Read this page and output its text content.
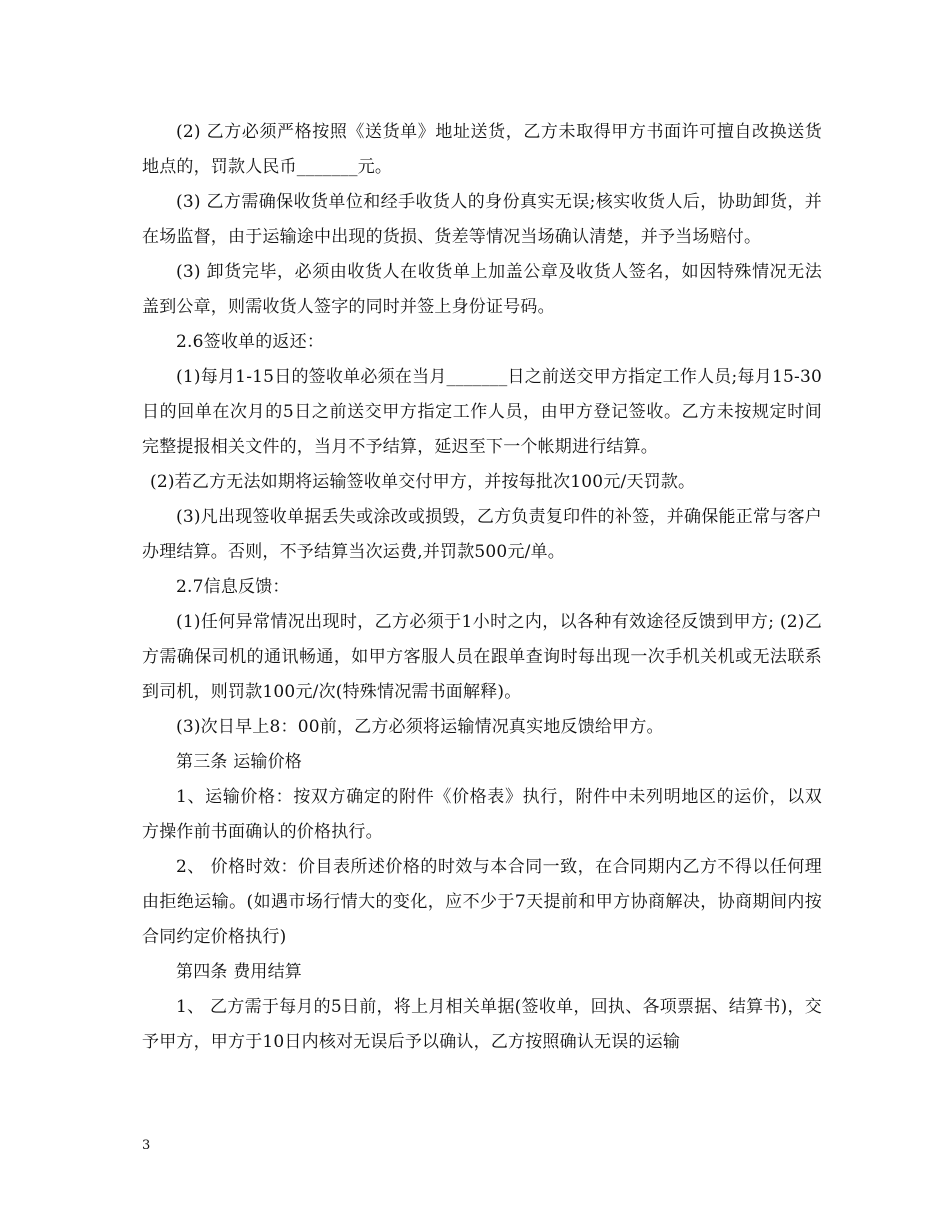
(2) 乙方必须严格按照《送货单》地址送货，乙方未取得甲方书面许可擅自改换送货地点的，罚款人民币_______元。

(3) 乙方需确保收货单位和经手收货人的身份真实无误;核实收货人后，协助卸货，并在场监督，由于运输途中出现的货损、货差等情况当场确认清楚，并予当场赔付。

(3) 卸货完毕，必须由收货人在收货单上加盖公章及收货人签名，如因特殊情况无法盖到公章，则需收货人签字的同时并签上身份证号码。

2.6签收单的返还：

(1)每月1-15日的签收单必须在当月_______日之前送交甲方指定工作人员;每月15-30日的回单在次月的5日之前送交甲方指定工作人员，由甲方登记签收。乙方未按规定时间完整提报相关文件的，当月不予结算，延迟至下一个帐期进行结算。

(2)若乙方无法如期将运输签收单交付甲方，并按每批次100元/天罚款。

(3)凡出现签收单据丢失或涂改或损毁，乙方负责复印件的补签，并确保能正常与客户办理结算。否则，不予结算当次运费,并罚款500元/单。

2.7信息反馈：

(1)任何异常情况出现时，乙方必须于1小时之内，以各种有效途径反馈到甲方; (2)乙方需确保司机的通讯畅通，如甲方客服人员在跟单查询时每出现一次手机关机或无法联系到司机，则罚款100元/次(特殊情况需书面解释)。

(3)次日早上8：00前，乙方必须将运输情况真实地反馈给甲方。

第三条 运输价格

1、运输价格：按双方确定的附件《价格表》执行，附件中未列明地区的运价，以双方操作前书面确认的价格执行。

2、 价格时效：价目表所述价格的时效与本合同一致，在合同期内乙方不得以任何理由拒绝运输。(如遇市场行情大的变化，应不少于7天提前和甲方协商解决，协商期间内按合同约定价格执行)

第四条 费用结算

1、 乙方需于每月的5日前，将上月相关单据(签收单，回执、各项票据、结算书)，交予甲方，甲方于10日内核对无误后予以确认，乙方按照确认无误的运输

3
